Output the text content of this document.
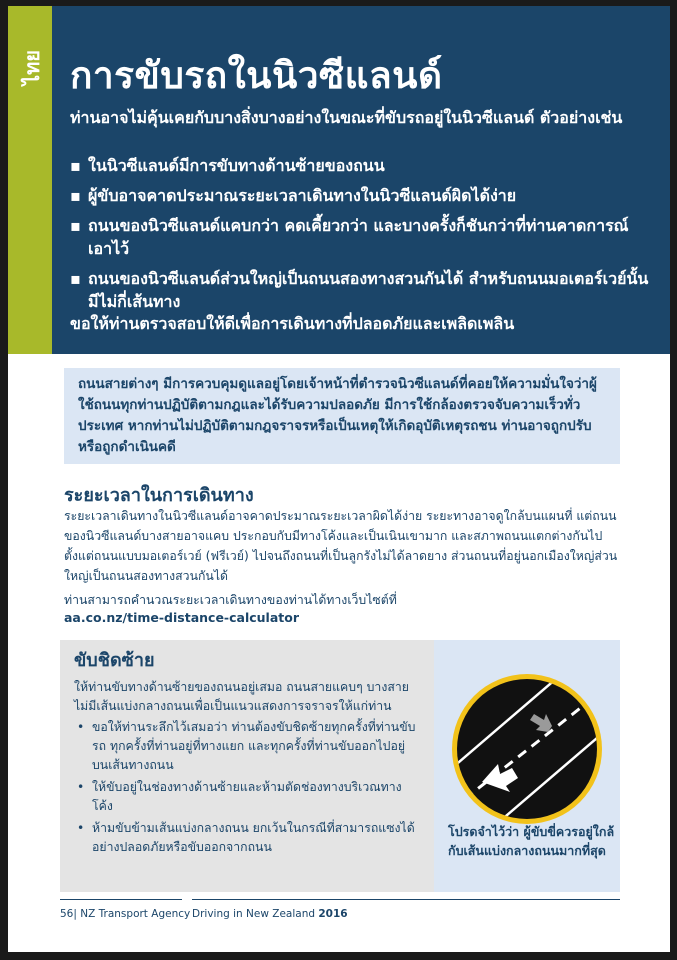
ไทย การขับรถในนิวซีแลนด์

ท่านอาจไม่คุ้นเคยกับบางสิ่งบางอย่างในขณะที่ขับรถอยู่ในนิวซีแลนด์ ตัวอย่างเช่น

▪ ในนิวซีแลนด์มีการขับทางด้านซ้ายของถนน
▪ ผู้ขับอาจคาดประมาณระยะเวลาเดินทางในนิวซีแลนด์ผิดได้ง่าย
▪ ถนนของนิวซีแลนด์แคบกว่า คดเคี้ยวกว่า และบางครั้งก็ชันกว่าที่ท่านคาดการณ์เอาไว้
▪ ถนนของนิวซีแลนด์ส่วนใหญ่เป็นถนนสองทางสวนกันได้ สำหรับถนนมอเตอร์เวย์นั้นมีไม่กี่เส้นทาง

ขอให้ท่านตรวจสอบให้ดีเพื่อการเดินทางที่ปลอดภัยและเพลิดเพลิน

ถนนสายต่างๆ มีการควบคุมดูแลอยู่โดยเจ้าหน้าที่ตำรวจนิวซีแลนด์ที่คอยให้ความมั่นใจว่าผู้ใช้ถนนทุกท่านปฏิบัติตามกฎและได้รับความปลอดภัย มีการใช้กล้องตรวจจับความเร็วทั่วประเทศ หากท่านไม่ปฏิบัติตามกฎจราจรหรือเป็นเหตุให้เกิดอุบัติเหตุรถชน ท่านอาจถูกปรับหรือถูกดำเนินคดี

ระยะเวลาในการเดินทาง

ระยะเวลาเดินทางในนิวซีแลนด์อาจคาดประมาณระยะเวลาผิดได้ง่าย ระยะทางอาจดูใกล้บนแผนที่ แต่ถนนของนิวซีแลนด์บางสายอาจแคบ ประกอบกับมีทางโค้งและเป็นเนินเขามาก และสภาพถนนแตกต่างกันไปตั้งแต่ถนนแบบมอเตอร์เวย์ (ฟรีเวย์) ไปจนถึงถนนที่เป็นลูกรังไม่ได้ลาดยาง ส่วนถนนที่อยู่นอกเมืองใหญ่ส่วนใหญ่เป็นถนนสองทางสวนกันได้

ท่านสามารถคำนวณระยะเวลาเดินทางของท่านได้ทางเว็บไซต์ที่

aa.co.nz/time-distance-calculator
ขับชิดซ้าย

ให้ท่านขับทางด้านซ้ายของถนนอยู่เสมอ ถนนสายแคบๆ บางสายไม่มีเส้นแบ่งกลางถนนเพื่อเป็นแนวแสดงการจราจรให้แก่ท่าน

• ขอให้ท่านระลึกไว้เสมอว่า ท่านต้องขับชิดซ้ายทุกครั้งที่ท่านขับรถ ทุกครั้งที่ท่านอยู่ที่ทางแยก และทุกครั้งที่ท่านขับออกไปอยู่บนเส้นทางถนน
• ให้ขับอยู่ในช่องทางด้านซ้ายและห้ามตัดช่องทางบริเวณทางโค้ง
• ห้ามขับข้ามเส้นแบ่งกลางถนน ยกเว้นในกรณีที่สามารถแซงได้อย่างปลอดภัยหรือขับออกจากถนน

โปรดจำไว้ว่า ผู้ขับขี่ควรอยู่ใกล้กับเส้นแบ่งกลางถนนมากที่สุด

56| NZ Transport Agency Driving in New Zealand 2016
